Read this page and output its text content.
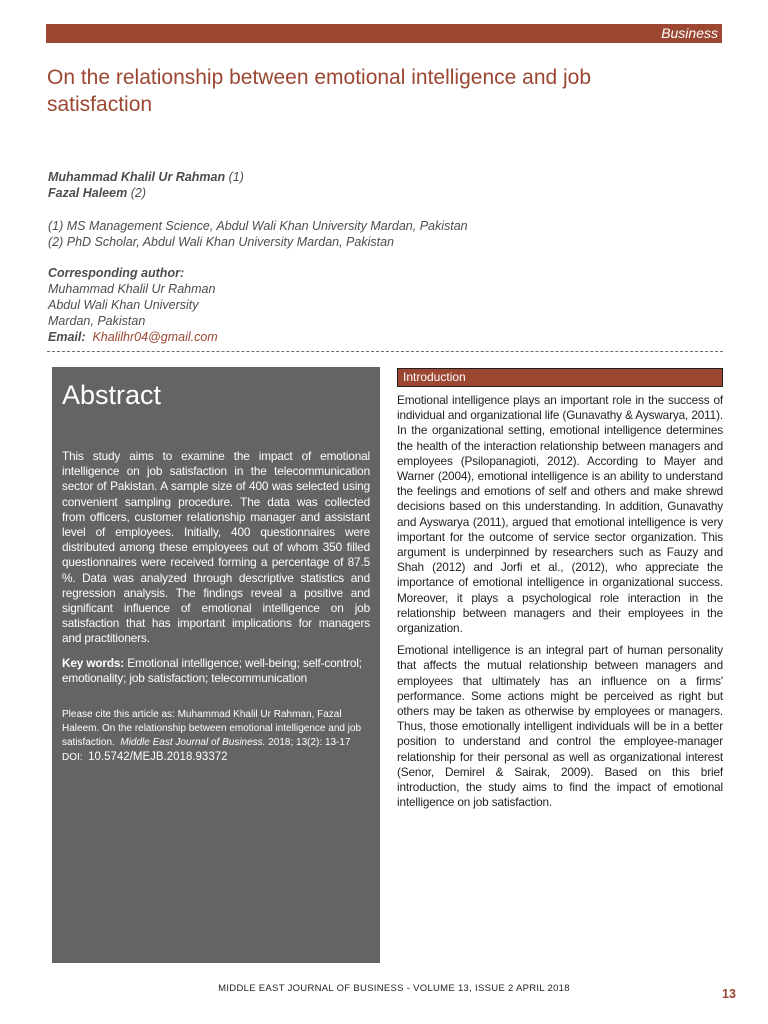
Business
On the relationship between emotional intelligence and job satisfaction
Muhammad Khalil Ur Rahman (1)
Fazal Haleem (2)
(1) MS Management Science, Abdul Wali Khan University Mardan, Pakistan
(2) PhD Scholar, Abdul Wali Khan University Mardan, Pakistan
Corresponding author:
Muhammad Khalil Ur Rahman
Abdul Wali Khan University
Mardan, Pakistan
Email: Khalilhr04@gmail.com
Abstract
This study aims to examine the impact of emotional intelligence on job satisfaction in the telecommunication sector of Pakistan. A sample size of 400 was selected using convenient sampling procedure. The data was collected from officers, customer relationship manager and assistant level of employees. Initially, 400 questionnaires were distributed among these employees out of whom 350 filled questionnaires were received forming a percentage of 87.5 %. Data was analyzed through descriptive statistics and regression analysis. The findings reveal a positive and significant influence of emotional intelligence on job satisfaction that has important implications for managers and practitioners.
Key words: Emotional intelligence; well-being; self-control; emotionality; job satisfaction; telecommunication
Please cite this article as: Muhammad Khalil Ur Rahman, Fazal Haleem. On the relationship between emotional intelligence and job satisfaction. Middle East Journal of Business. 2018; 13(2): 13-17
DOI: 10.5742/MEJB.2018.93372
Introduction

Emotional intelligence plays an important role in the success of individual and organizational life (Gunavathy & Ayswarya, 2011). In the organizational setting, emotional intelligence determines the health of the interaction relationship between managers and employees (Psilopanagioti, 2012). According to Mayer and Warner (2004), emotional intelligence is an ability to understand the feelings and emotions of self and others and make shrewd decisions based on this understanding. In addition, Gunavathy and Ayswarya (2011), argued that emotional intelligence is very important for the outcome of service sector organization. This argument is underpinned by researchers such as Fauzy and Shah (2012) and Jorfi et al., (2012), who appreciate the importance of emotional intelligence in organizational success. Moreover, it plays a psychological role interaction in the relationship between managers and their employees in the organization.

Emotional intelligence is an integral part of human personality that affects the mutual relationship between managers and employees that ultimately has an influence on a firms' performance. Some actions might be perceived as right but others may be taken as otherwise by employees or managers. Thus, those emotionally intelligent individuals will be in a better position to understand and control the employee-manager relationship for their personal as well as organizational interest (Senor, Demirel & Sairak, 2009). Based on this brief introduction, the study aims to find the impact of emotional intelligence on job satisfaction.

MIDDLE EAST JOURNAL OF BUSINESS - VOLUME 13, ISSUE 2 APRIL 2018	13
